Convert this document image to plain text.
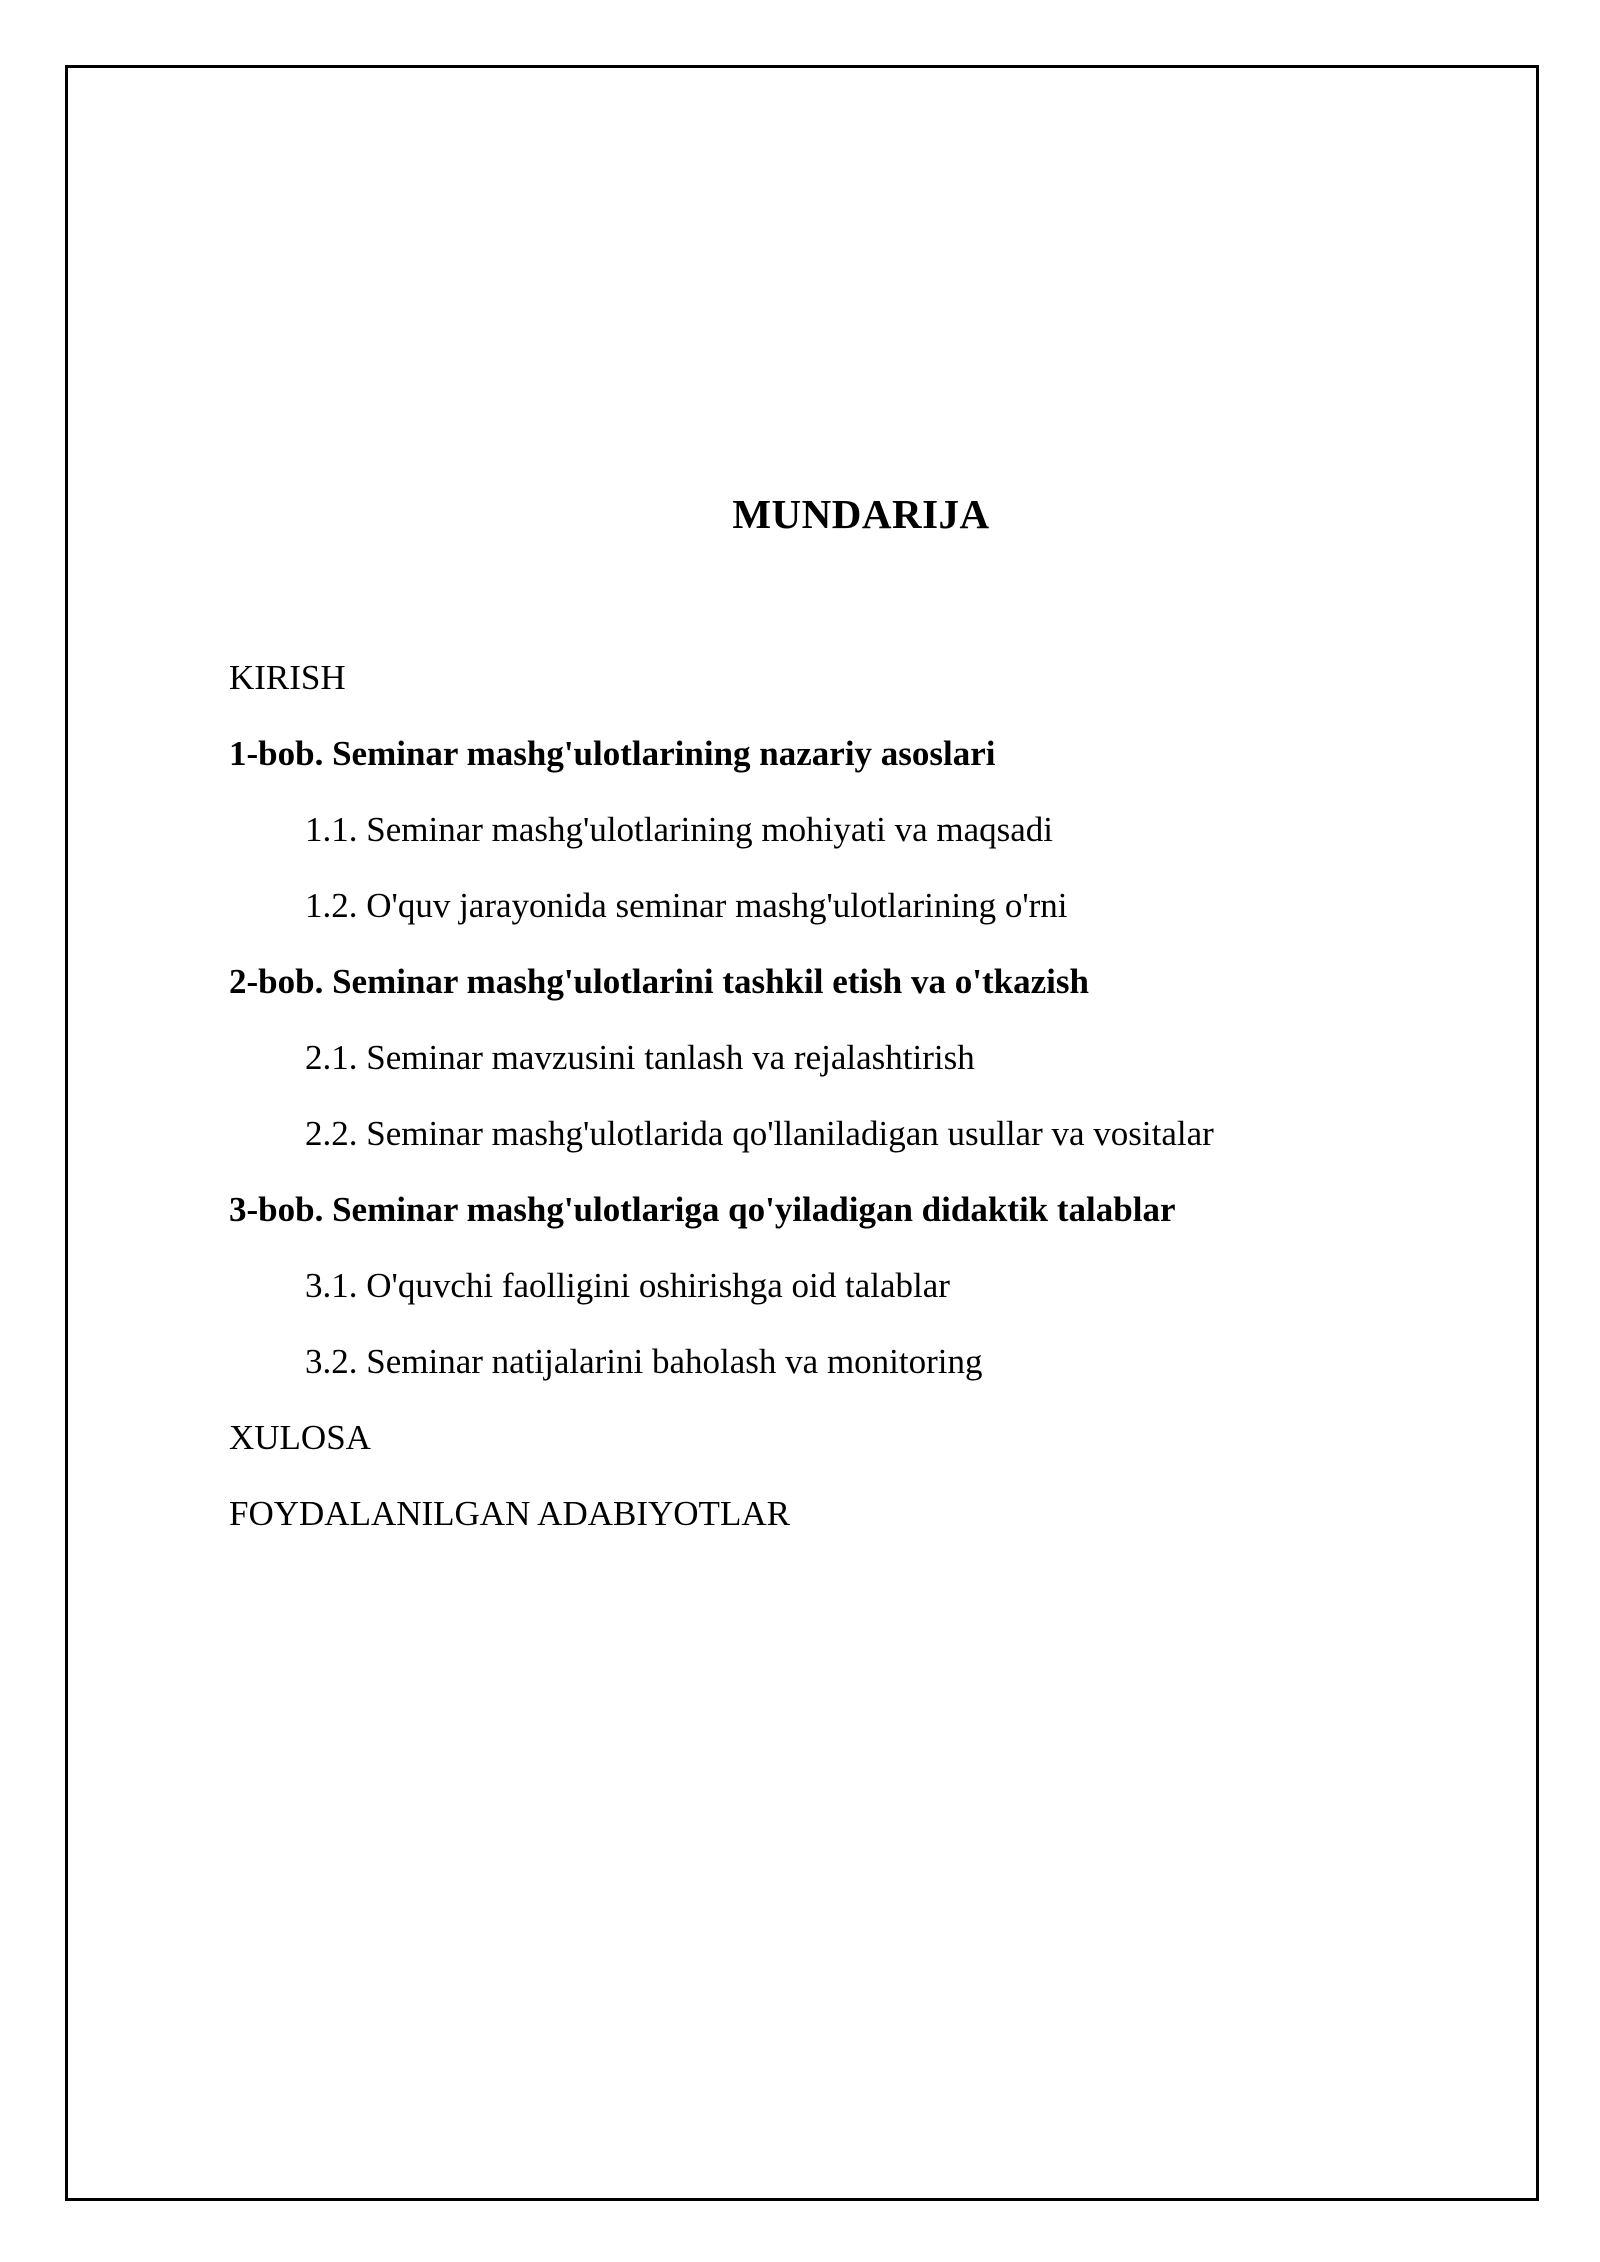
MUNDARIJA
KIRISH
1-bob. Seminar mashg'ulotlarining nazariy asoslari
1.1. Seminar mashg'ulotlarining mohiyati va maqsadi
1.2. O'quv jarayonida seminar mashg'ulotlarining o'rni
2-bob. Seminar mashg'ulotlarini tashkil etish va o'tkazish
2.1. Seminar mavzusini tanlash va rejalashtirish
2.2. Seminar mashg'ulotlarida qo'llaniladigan usullar va vositalar
3-bob. Seminar mashg'ulotlariga qo'yiladigan didaktik talablar
3.1. O'quvchi faolligini oshirishga oid talablar
3.2. Seminar natijalarini baholash va monitoring
XULOSA
FOYDALANILGAN ADABIYOTLAR
